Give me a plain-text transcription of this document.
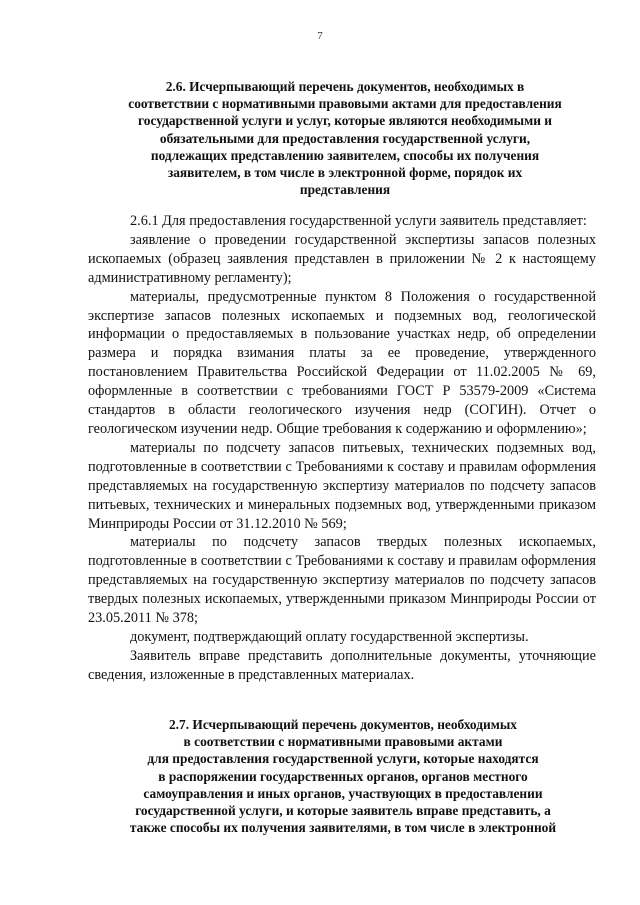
7
2.6. Исчерпывающий перечень документов, необходимых в
соответствии с нормативными правовыми актами для предоставления
государственной услуги и услуг, которые являются необходимыми и
обязательными для предоставления государственной услуги,
подлежащих представлению заявителем, способы их получения
заявителем, в том числе в электронной форме, порядок их
представления

2.6.1 Для предоставления государственной услуги заявитель представляет:

заявление о проведении государственной экспертизы запасов полезных ископаемых (образец заявления представлен в приложении № 2 к настоящему административному регламенту);

материалы, предусмотренные пунктом 8 Положения о государственной экспертизе запасов полезных ископаемых и подземных вод, геологической информации о предоставляемых в пользование участках недр, об определении размера и порядка взимания платы за ее проведение, утвержденного постановлением Правительства Российской Федерации от 11.02.2005 № 69, оформленные в соответствии с требованиями ГОСТ Р 53579-2009 «Система стандартов в области геологического изучения недр (СОГИН). Отчет о геологическом изучении недр. Общие требования к содержанию и оформлению»;

материалы по подсчету запасов питьевых, технических подземных вод, подготовленные в соответствии с Требованиями к составу и правилам оформления представляемых на государственную экспертизу материалов по подсчету запасов питьевых, технических и минеральных подземных вод, утвержденными приказом Минприроды России от 31.12.2010 № 569;

материалы по подсчету запасов твердых полезных ископаемых, подготовленные в соответствии с Требованиями к составу и правилам оформления представляемых на государственную экспертизу материалов по подсчету запасов твердых полезных ископаемых, утвержденными приказом Минприроды России от 23.05.2011 № 378;

документ, подтверждающий оплату государственной экспертизы.

Заявитель вправе представить дополнительные документы, уточняющие сведения, изложенные в представленных материалах.

2.7. Исчерпывающий перечень документов, необходимых
в соответствии с нормативными правовыми актами
для предоставления государственной услуги, которые находятся
в распоряжении государственных органов, органов местного
самоуправления и иных органов, участвующих в предоставлении
государственной услуги, и которые заявитель вправе представить, а
также способы их получения заявителями, в том числе в электронной
